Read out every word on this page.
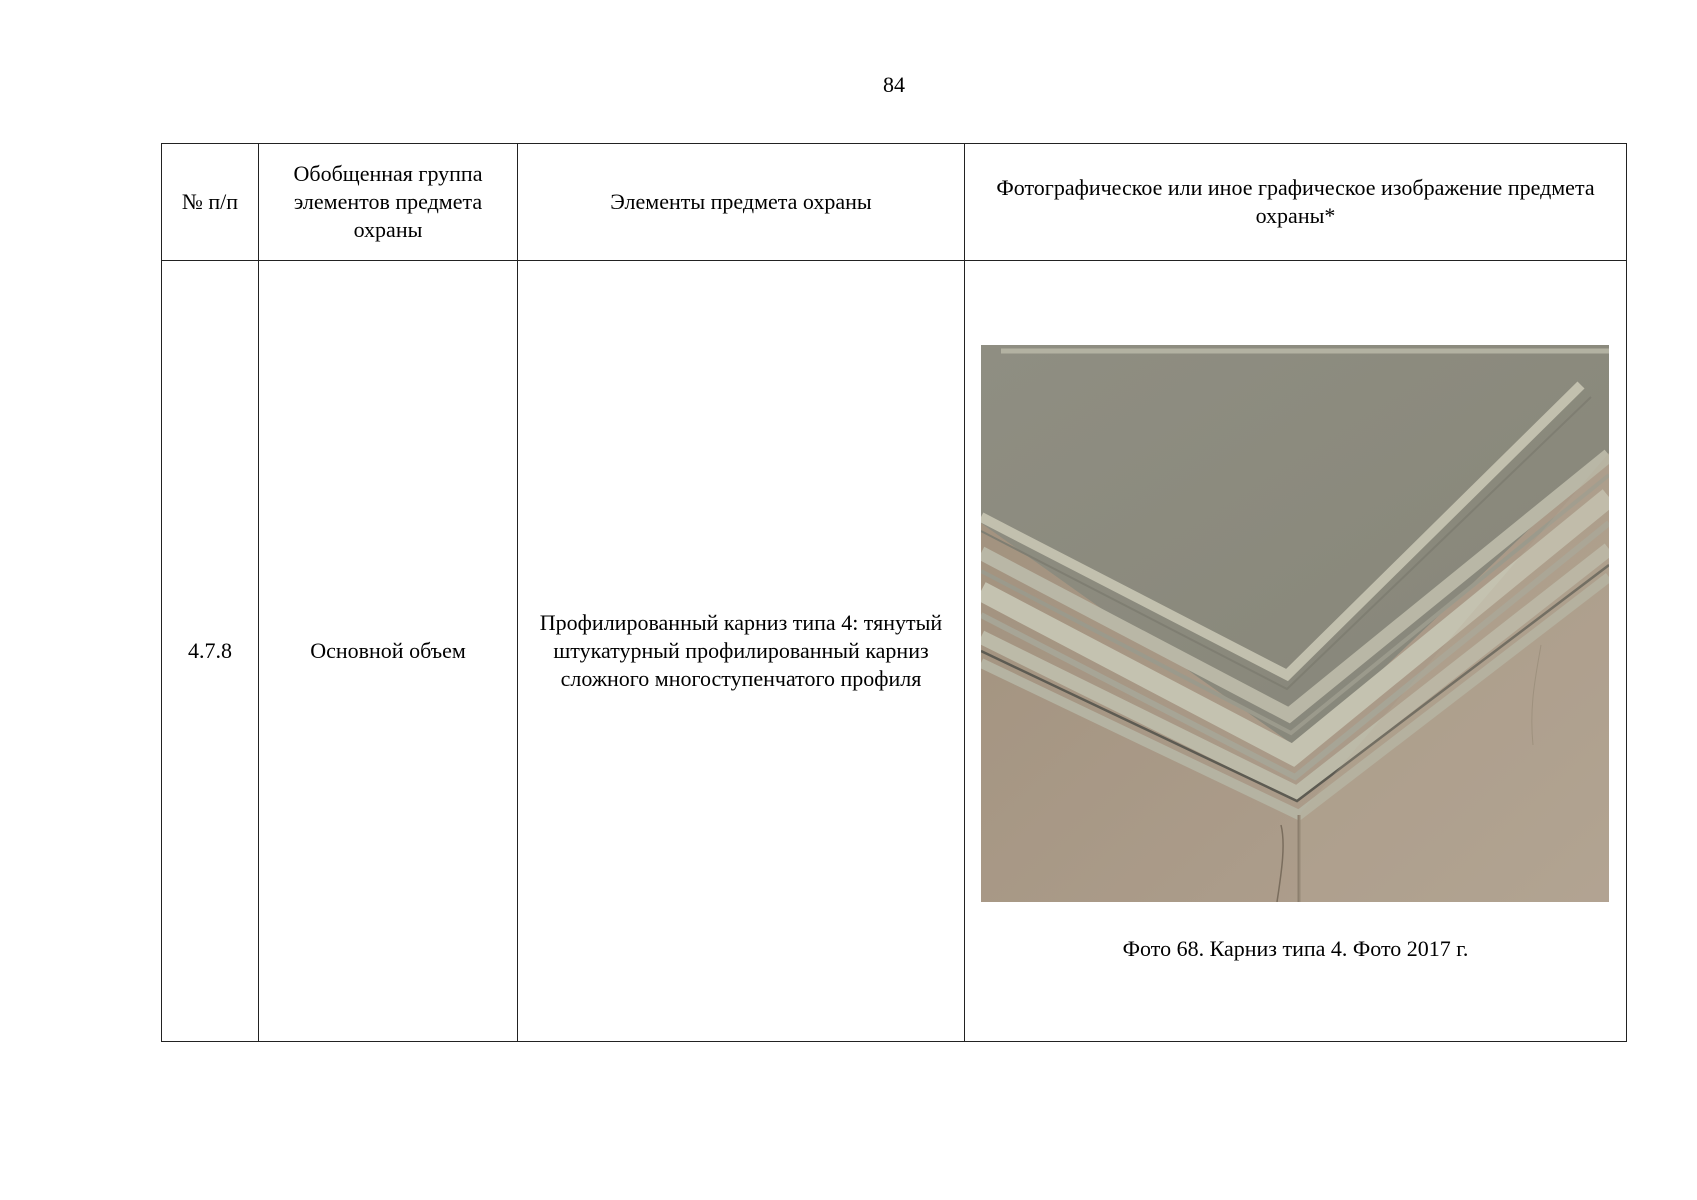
84
№ п/п	Обобщенная группа элементов предмета охраны	Элементы предмета охраны	Фотографическое или иное графическое изображение предмета охраны*
4.7.8	Основной объем	Профилированный карниз типа 4: тянутый штукатурный профилированный карниз сложного многоступенчатого профиля	Фото 68. Карниз типа 4. Фото 2017 г.
